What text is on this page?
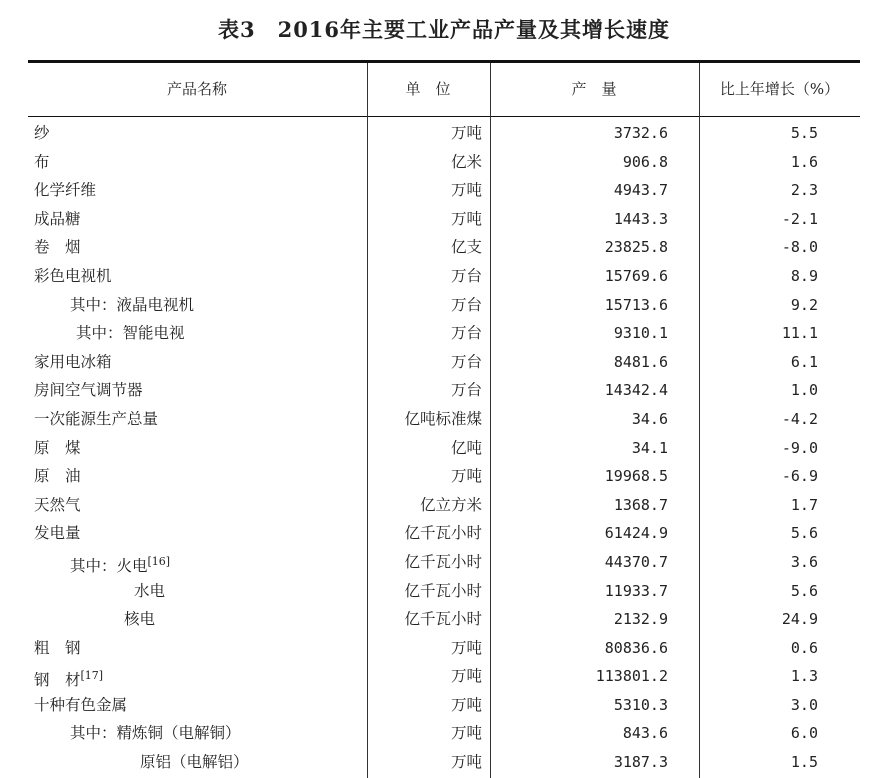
表3 2016年主要工业产品产量及其增长速度
产品名称	单　位	产　量	比上年增长（%）
纱	万吨	3732.6	5.5
布	亿米	906.8	1.6
化学纤维	万吨	4943.7	2.3
成品糖	万吨	1443.3	-2.1
卷　烟	亿支	23825.8	-8.0
彩色电视机	万台	15769.6	8.9
其中：液晶电视机	万台	15713.6	9.2
其中：智能电视	万台	9310.1	11.1
家用电冰箱	万台	8481.6	6.1
房间空气调节器	万台	14342.4	1.0
一次能源生产总量	亿吨标准煤	34.6	-4.2
原　煤	亿吨	34.1	-9.0
原　油	万吨	19968.5	-6.9
天然气	亿立方米	1368.7	1.7
发电量	亿千瓦小时	61424.9	5.6
其中：火电[16]	亿千瓦小时	44370.7	3.6
水电	亿千瓦小时	11933.7	5.6
核电	亿千瓦小时	2132.9	24.9
粗　钢	万吨	80836.6	0.6
钢　材[17]	万吨	113801.2	1.3
十种有色金属	万吨	5310.3	3.0
其中：精炼铜（电解铜）	万吨	843.6	6.0
原铝（电解铝）	万吨	3187.3	1.5
